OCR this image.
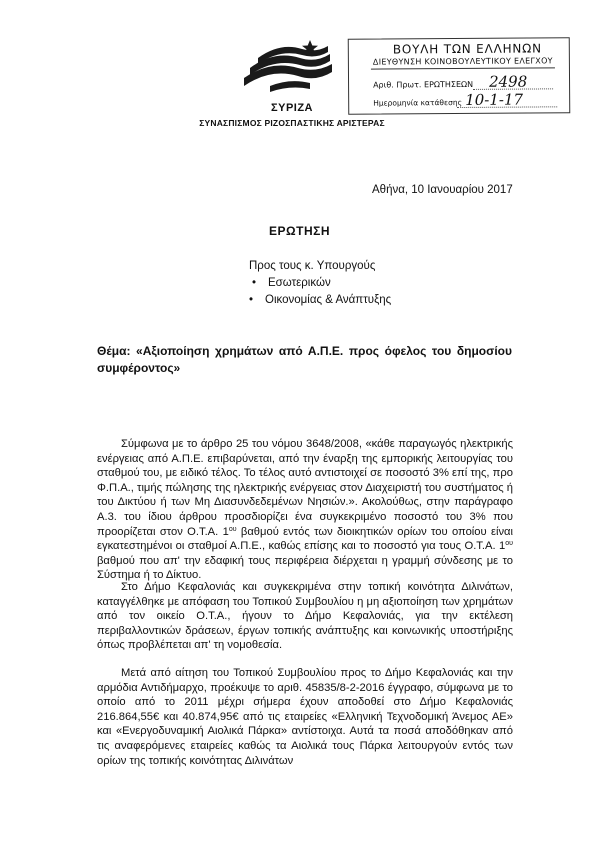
ΣΥΡΙΖΑ
ΣΥΝΑΣΠΙΣΜΟΣ ΡΙΖΟΣΠΑΣΤΙΚΗΣ ΑΡΙΣΤΕΡΑΣ
ΒΟΥΛΗ ΤΩΝ ΕΛΛΗΝΩΝ
ΔΙΕΥΘΥΝΣΗ ΚΟΙΝΟΒΟΥΛΕΥΤΙΚΟΥ ΕΛΕΓΧΟΥ
Αριθ. Πρωτ. ΕΡΩΤΗΣΕΩΝ 2498
Ημερομηνία κατάθεσης 10-1-17
Αθήνα, 10 Ιανουαρίου 2017
ΕΡΩΤΗΣΗ
Προς τους κ. Υπουργούς
• Εσωτερικών
• Οικονομίας & Ανάπτυξης
Θέμα: «Αξιοποίηση χρημάτων από Α.Π.Ε. προς όφελος του δημοσίου συμφέροντος»
Σύμφωνα με το άρθρο 25 του νόμου 3648/2008, «κάθε παραγωγός ηλεκτρικής ενέργειας από Α.Π.Ε. επιβαρύνεται, από την έναρξη της εμπορικής λειτουργίας του σταθμού του, με ειδικό τέλος. Το τέλος αυτό αντιστοιχεί σε ποσοστό 3% επί της, προ Φ.Π.Α., τιμής πώλησης της ηλεκτρικής ενέργειας στον Διαχειριστή του συστήματος ή του Δικτύου ή των Μη Διασυνδεδεμένων Νησιών.». Ακολούθως, στην παράγραφο Α.3. του ίδιου άρθρου προσδιορίζει ένα συγκεκριμένο ποσοστό του 3% που προορίζεται στον Ο.Τ.Α. $1^{o\upsilon}$ βαθμού εντός των διοικητικών ορίων του οποίου είναι εγκατεστημένοι οι σταθμοί Α.Π.Ε., καθώς επίσης και το ποσοστό για τους Ο.Τ.Α. $1^{o\upsilon}$ βαθμού που απ' την εδαφική τους περιφέρεια διέρχεται η γραμμή σύνδεσης με το Σύστημα ή το Δίκτυο.
Στο Δήμο Κεφαλονιάς και συγκεκριμένα στην τοπική κοινότητα Διλινάτων, καταγγέλθηκε με απόφαση του Τοπικού Συμβουλίου η μη αξιοποίηση των χρημάτων από τον οικείο Ο.Τ.Α., ήγουν το Δήμο Κεφαλονιάς, για την εκτέλεση περιβαλλοντικών δράσεων, έργων τοπικής ανάπτυξης και κοινωνικής υποστήριξης όπως προβλέπεται απ' τη νομοθεσία.
Μετά από αίτηση του Τοπικού Συμβουλίου προς το Δήμο Κεφαλονιάς και την αρμόδια Αντιδήμαρχο, προέκυψε το αριθ. 45835/8-2-2016 έγγραφο, σύμφωνα με το οποίο από το 2011 μέχρι σήμερα έχουν αποδοθεί στο Δήμο Κεφαλονιάς 216.864,55€ και 40.874,95€ από τις εταιρείες «Ελληνική Τεχνοδομική Άνεμος ΑΕ» και «Ενεργοδυναμική Αιολικά Πάρκα» αντίστοιχα. Αυτά τα ποσά αποδόθηκαν από τις αναφερόμενες εταιρείες καθώς τα Αιολικά τους Πάρκα λειτουργούν εντός των ορίων της τοπικής κοινότητας Διλινάτων
